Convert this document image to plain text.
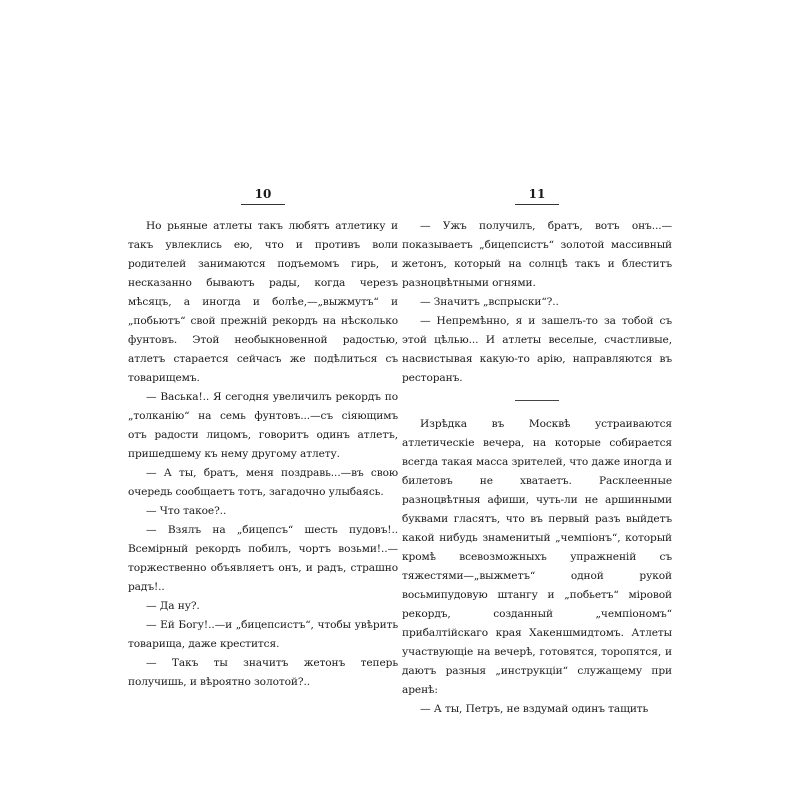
10

Но рьяные атлеты такъ любятъ атлетику и такъ увлеклись ею, что и противъ воли родителей занимаются подъемомъ гирь, и несказанно бываютъ рады, когда черезъ мѣсяцъ, а иногда и болѣе,—„выжмутъ“ и „побьютъ“ свой прежній рекордъ на нѣсколько фунтовъ. Этой необыкновенной радостью, атлетъ старается сейчасъ же подѣлиться съ товарищемъ.

— Васька!.. Я сегодня увеличилъ рекордъ по „толканію“ на семь фунтовъ...—съ сіяющимъ отъ радости лицомъ, говоритъ одинъ атлетъ, пришедшему къ нему другому атлету.

— А ты, братъ, меня поздравь...—въ свою очередь сообщаетъ тотъ, загадочно улыбаясь.

— Что такое?..

— Взялъ на „бицепсъ“ шесть пудовъ!.. Всемірный рекордъ побилъ, чортъ возьми!..— торжественно объявляетъ онъ, и радъ, страшно радъ!..

— Да ну?.

— Ей Богу!..—и „бицепсистъ“, чтобы увѣрить товарища, даже крестится.

— Такъ ты значитъ жетонъ теперь получишь, и вѣроятно золотой?..

11

— Ужъ получилъ, братъ, вотъ онъ...— показываетъ „бицепсистъ“ золотой массивный жетонъ, который на солнцѣ такъ и блеститъ разноцвѣтными огнями.

— Значитъ „вспрыски“?..

— Непремѣнно, я и зашелъ-то за тобой съ этой цѣлью... И атлеты веселые, счастливые, насвистывая какую-то арію, направляются въ ресторанъ.

Изрѣдка въ Москвѣ устраиваются атлетическіе вечера, на которые собирается всегда такая масса зрителей, что даже иногда и билетовъ не хватаетъ. Расклеенные разноцвѣтныя афиши, чуть-ли не аршинными буквами гласятъ, что въ первый разъ выйдетъ какой нибудь знаменитый „чемпіонъ“, который кромѣ всевозможныхъ упражненій съ тяжестями—„выжметъ“ одной рукой восьмипудовую штангу и „побьетъ“ міровой рекордъ, созданный „чемпіономъ“ прибалтійскаго края Хакеншмидтомъ. Атлеты участвующіе на вечерѣ, готовятся, торопятся, и даютъ разныя „инструкціи“ служащему при аренѣ:

— А ты, Петръ, не вздумай одинъ тащить
